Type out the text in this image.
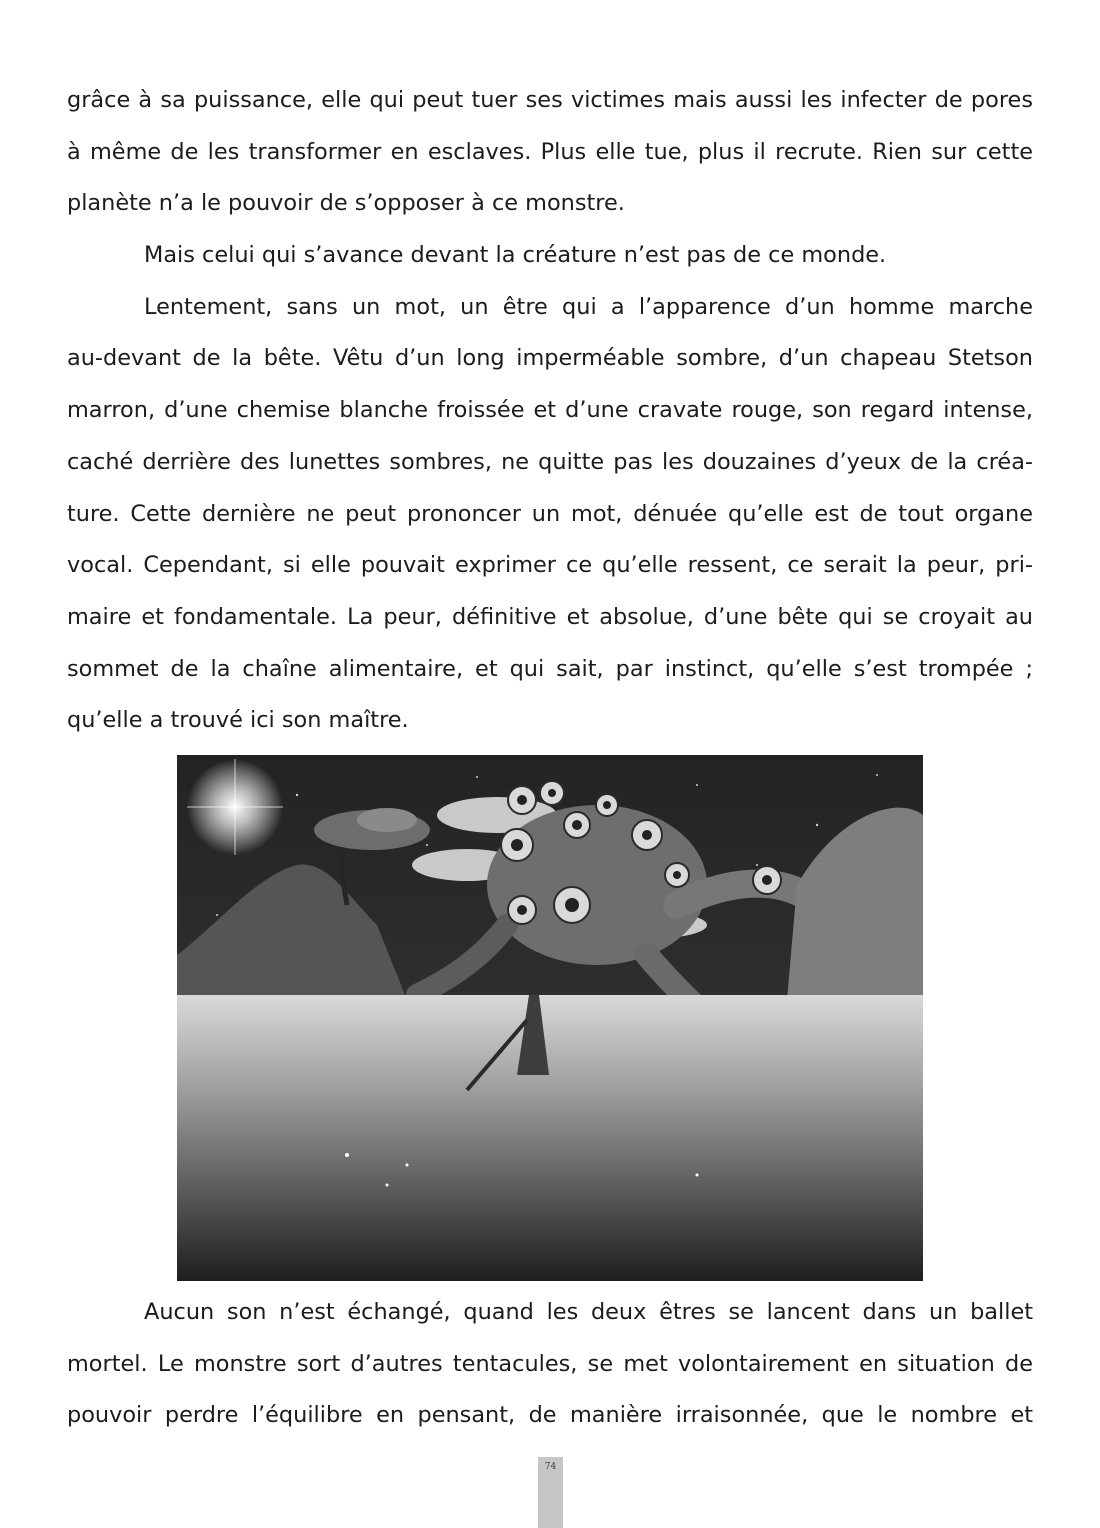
grâce à sa puissance, elle qui peut tuer ses victimes mais aussi les infecter de pores
à même de les transformer en esclaves. Plus elle tue, plus il recrute. Rien sur cette
planète n’a le pouvoir de s’opposer à ce monstre.
Mais celui qui s’avance devant la créature n’est pas de ce monde.
Lentement, sans un mot, un être qui a l’apparence d’un homme marche
au-devant de la bête. Vêtu d’un long imperméable sombre, d’un chapeau Stetson
marron, d’une chemise blanche froissée et d’une cravate rouge, son regard intense,
caché derrière des lunettes sombres, ne quitte pas les douzaines d’yeux de la créa-
ture. Cette dernière ne peut prononcer un mot, dénuée qu’elle est de tout organe
vocal. Cependant, si elle pouvait exprimer ce qu’elle ressent, ce serait la peur, pri-
maire et fondamentale. La peur, définitive et absolue, d’une bête qui se croyait au
sommet de la chaîne alimentaire, et qui sait, par instinct, qu’elle s’est trompée ;
qu’elle a trouvé ici son maître.
Aucun son n’est échangé, quand les deux êtres se lancent dans un ballet
mortel. Le monstre sort d’autres tentacules, se met volontairement en situation de
pouvoir perdre l’équilibre en pensant, de manière irraisonnée, que le nombre et
74
